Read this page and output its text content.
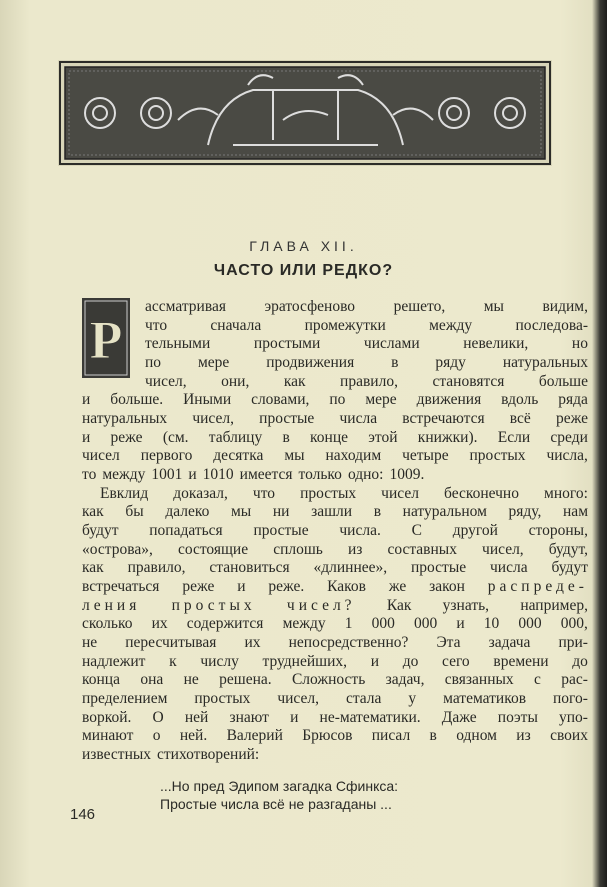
ГЛАВА XII.
ЧАСТО ИЛИ РЕДКО?
Р
ассматривая эратосфеново решето, мы видим,
что	сначала	промежутки	между	последова-
тельными	простыми	числами	невелики,	но
по мере продвижения в ряду натуральных
чисел, они, как правило, становятся больше
и больше. Иными словами, по мере движения вдоль ряда
натуральных чисел, простые числа встречаются всё реже
и реже (см. таблицу в конце этой книжки). Если среди
чисел первого десятка мы находим четыре простых числа,
то между 1001 и 1010 имеется только одно: 1009.
Евклид доказал, что простых чисел бесконечно много:
как бы далеко мы ни зашли в натуральном ряду, нам
будут попадаться простые числа. С другой стороны,
«острова», состоящие сплошь из составных чисел, будут,
как правило, становиться «длиннее», простые числа будут
встречаться реже и реже. Каков же закон распреде-
ления простых чисел? Как узнать, например,
сколько их содержится между 1 000 000 и 10 000 000,
не пересчитывая их непосредственно? Эта задача при-
надлежит к числу труднейших, и до сего времени до
конца она не решена. Сложность задач, связанных с рас-
пределением простых чисел, стала у математиков пого-
воркой. О ней знают и не-математики. Даже поэты упо-
минают о ней. Валерий Брюсов писал в одном из своих
известных стихотворений:
...Но пред Эдипом загадка Сфинкса:
Простые числа всё не разгаданы ...
146
